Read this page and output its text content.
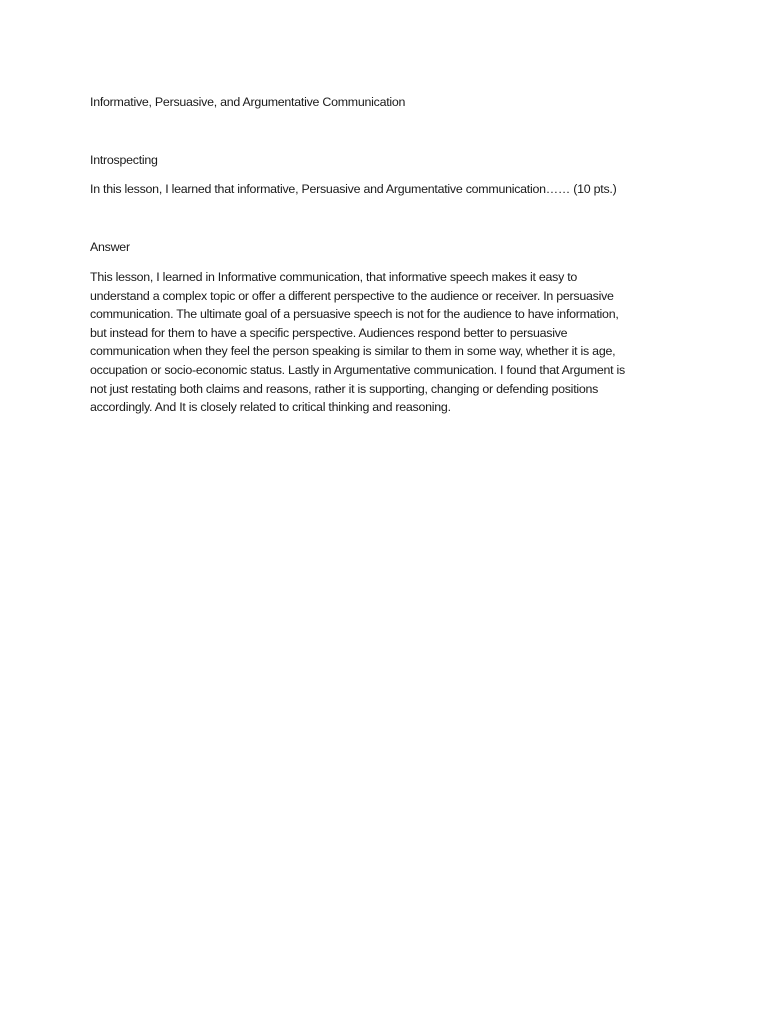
Informative, Persuasive, and Argumentative Communication

Introspecting

In this lesson, I learned that informative, Persuasive and Argumentative communication…… (10 pts.)

Answer

This lesson, I learned in Informative communication, that informative speech makes it easy to
understand a complex topic or offer a different perspective to the audience or receiver. In persuasive
communication. The ultimate goal of a persuasive speech is not for the audience to have information,
but instead for them to have a specific perspective. Audiences respond better to persuasive
communication when they feel the person speaking is similar to them in some way, whether it is age,
occupation or socio-economic status. Lastly in Argumentative communication. I found that Argument is
not just restating both claims and reasons, rather it is supporting, changing or defending positions
accordingly. And It is closely related to critical thinking and reasoning.
